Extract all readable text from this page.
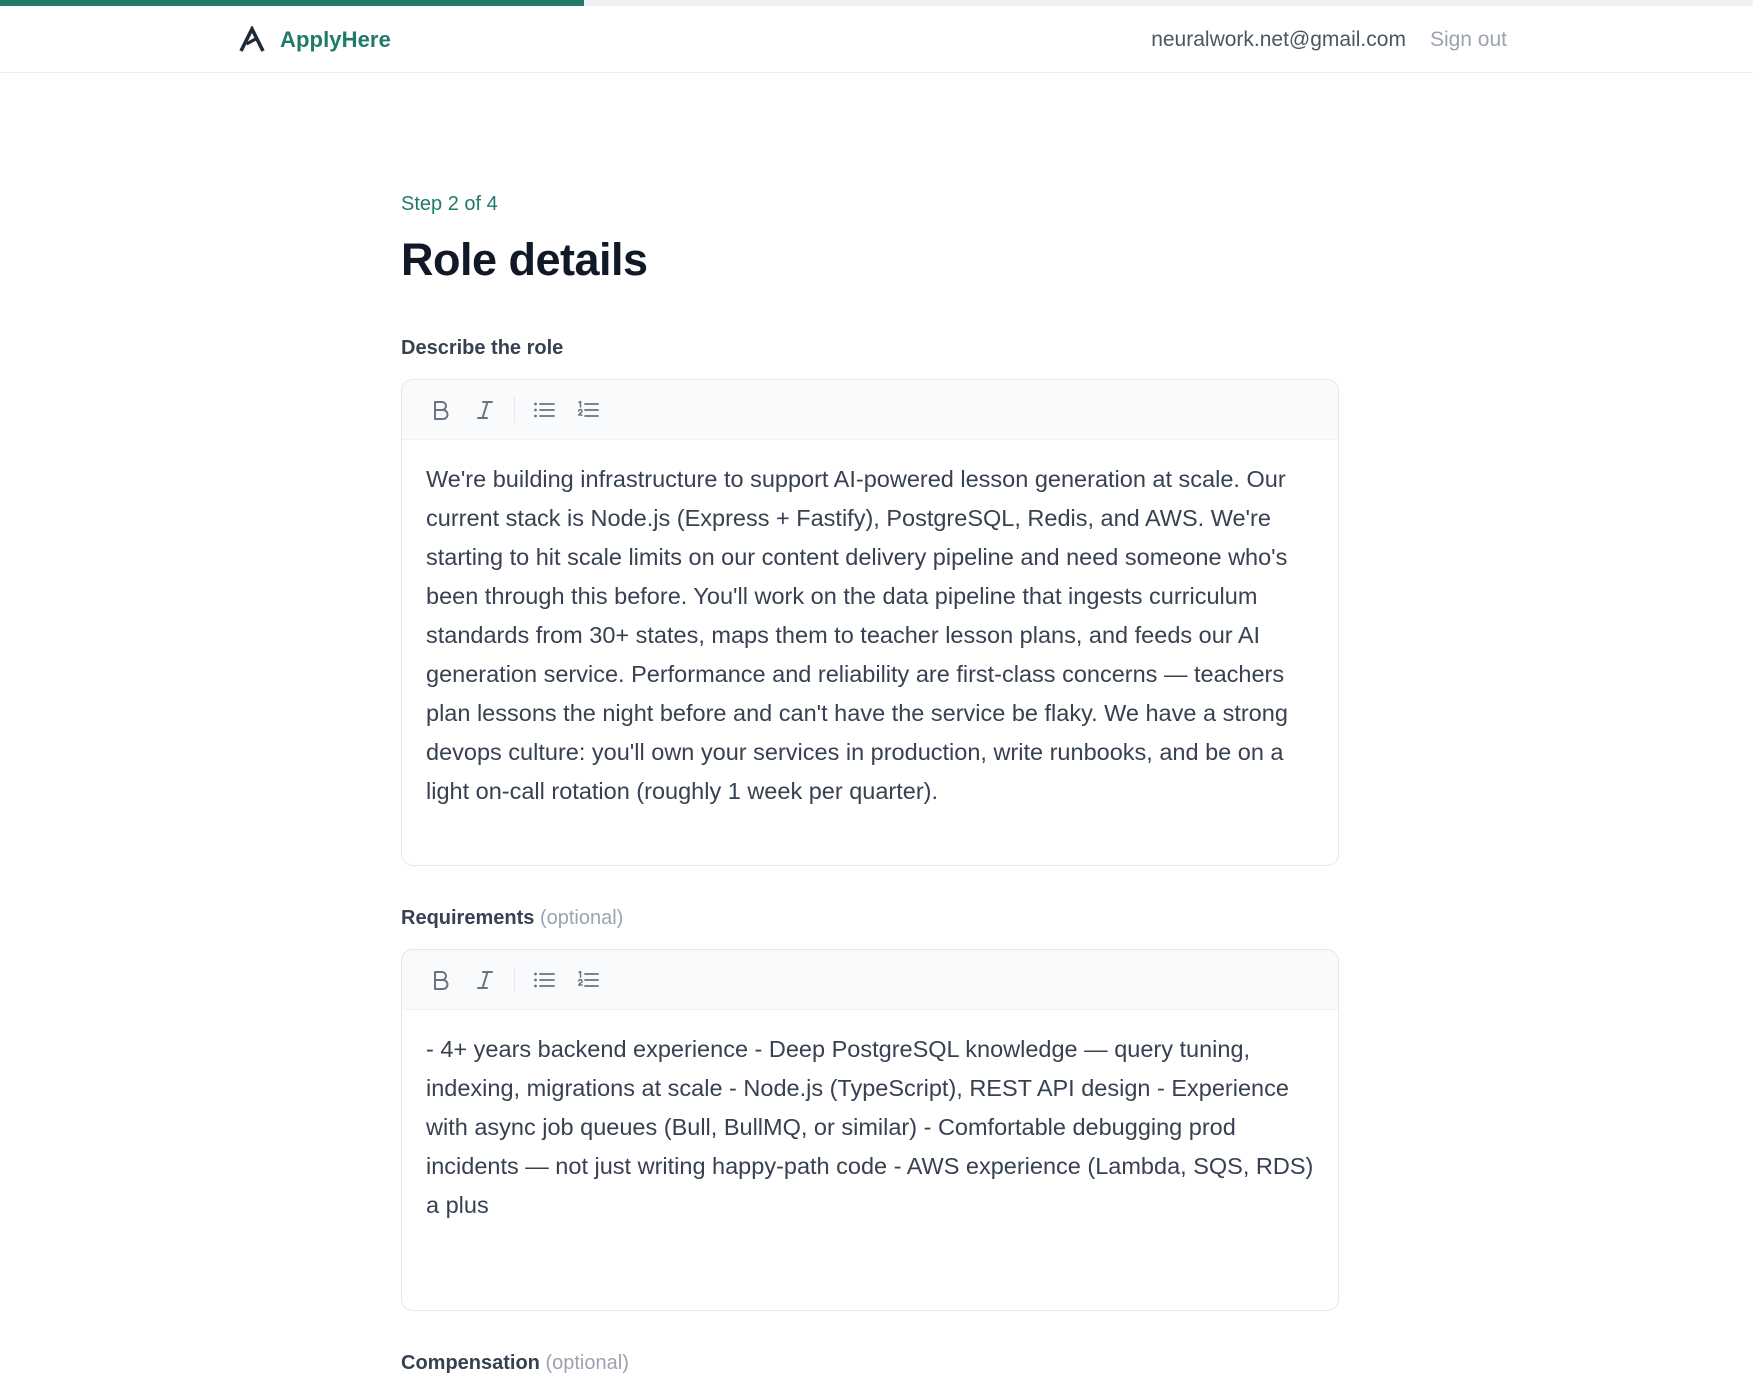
ApplyHere	neuralwork.net@gmail.com Sign out
Step 2 of 4
Role details
Describe the role
We're building infrastructure to support AI-powered lesson generation at scale. Our current stack is Node.js (Express + Fastify), PostgreSQL, Redis, and AWS. We're starting to hit scale limits on our content delivery pipeline and need someone who's been through this before. You'll work on the data pipeline that ingests curriculum standards from 30+ states, maps them to teacher lesson plans, and feeds our AI generation service. Performance and reliability are first-class concerns — teachers plan lessons the night before and can't have the service be flaky. We have a strong devops culture: you'll own your services in production, write runbooks, and be on a light on-call rotation (roughly 1 week per quarter).
Requirements (optional)
- 4+ years backend experience - Deep PostgreSQL knowledge — query tuning, indexing, migrations at scale - Node.js (TypeScript), REST API design - Experience with async job queues (Bull, BullMQ, or similar) - Comfortable debugging prod incidents — not just writing happy-path code - AWS experience (Lambda, SQS, RDS) a plus
Compensation (optional)
